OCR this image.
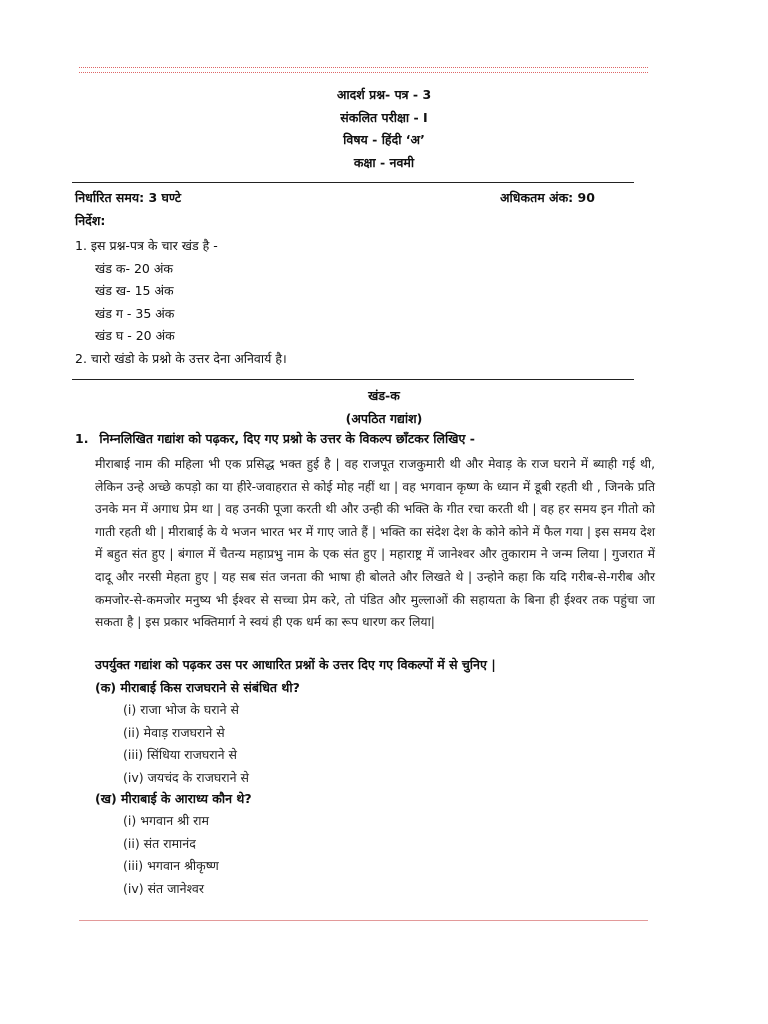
आदर्श प्रश्न- पत्र - 3
संकलित परीक्षा - I
विषय - हिंदी ‘अ’
कक्षा - नवमी
निर्धारित समय: 3 घण्टे	अधिकतम अंक: 90
निर्देश:
1. इस प्रश्न-पत्र के चार खंड है -
खंड क- 20 अंक
खंड ख- 15 अंक
खंड ग - 35 अंक
खंड घ - 20 अंक
2. चारो खंडो के प्रश्नो के उत्तर देना अनिवार्य है।
खंड-क
(अपठित गद्यांश)
1. निम्नलिखित गद्यांश को पढ़कर, दिए गए प्रश्नो के उत्तर के विकल्प छाँटकर लिखिए -
मीराबाई नाम की महिला भी एक प्रसिद्ध भक्त हुई है | वह राजपूत राजकुमारी थी और मेवाड़ के राज घराने में ब्याही गई थी, लेकिन उन्हे अच्छे कपड़ो का या हीरे-जवाहरात से कोई मोह नहीं था | वह भगवान कृष्ण के ध्यान में डूबी रहती थी , जिनके प्रति उनके मन में अगाध प्रेम था | वह उनकी पूजा करती थी और उन्ही की भक्ति के गीत रचा करती थी | वह हर समय इन गीतो को गाती रहती थी | मीराबाई के ये भजन भारत भर में गाए जाते हैं | भक्ति का संदेश देश के कोने कोने में फैल गया | इस समय देश में बहुत संत हुए | बंगाल में चैतन्य महाप्रभु नाम के एक संत हुए | महाराष्ट्र में जानेश्वर और तुकाराम ने जन्म लिया | गुजरात में दादू और नरसी मेहता हुए | यह सब संत जनता की भाषा ही बोलते और लिखते थे | उन्होने कहा कि यदि गरीब-से-गरीब और कमजोर-से-कमजोर मनुष्य भी ईश्वर से सच्चा प्रेम करे, तो पंडित और मुल्लाओं की सहायता के बिना ही ईश्वर तक पहुंचा जा सकता है | इस प्रकार भक्तिमार्ग ने स्वयं ही एक धर्म का रूप धारण कर लिया|
उपर्युक्त गद्यांश को पढ़कर उस पर आधारित प्रश्नों के उत्तर दिए गए विकल्पों में से चुनिए |
(क) मीराबाई किस राजघराने से संबंधित थी?
(i) राजा भोज के घराने से
(ii) मेवाड़ राजघराने से
(iii) सिंधिया राजघराने से
(iv) जयचंद के राजघराने से
(ख) मीराबाई के आराध्य कौन थे?
(i) भगवान श्री राम
(ii) संत रामानंद
(iii) भगवान श्रीकृष्ण
(iv) संत जानेश्वर
